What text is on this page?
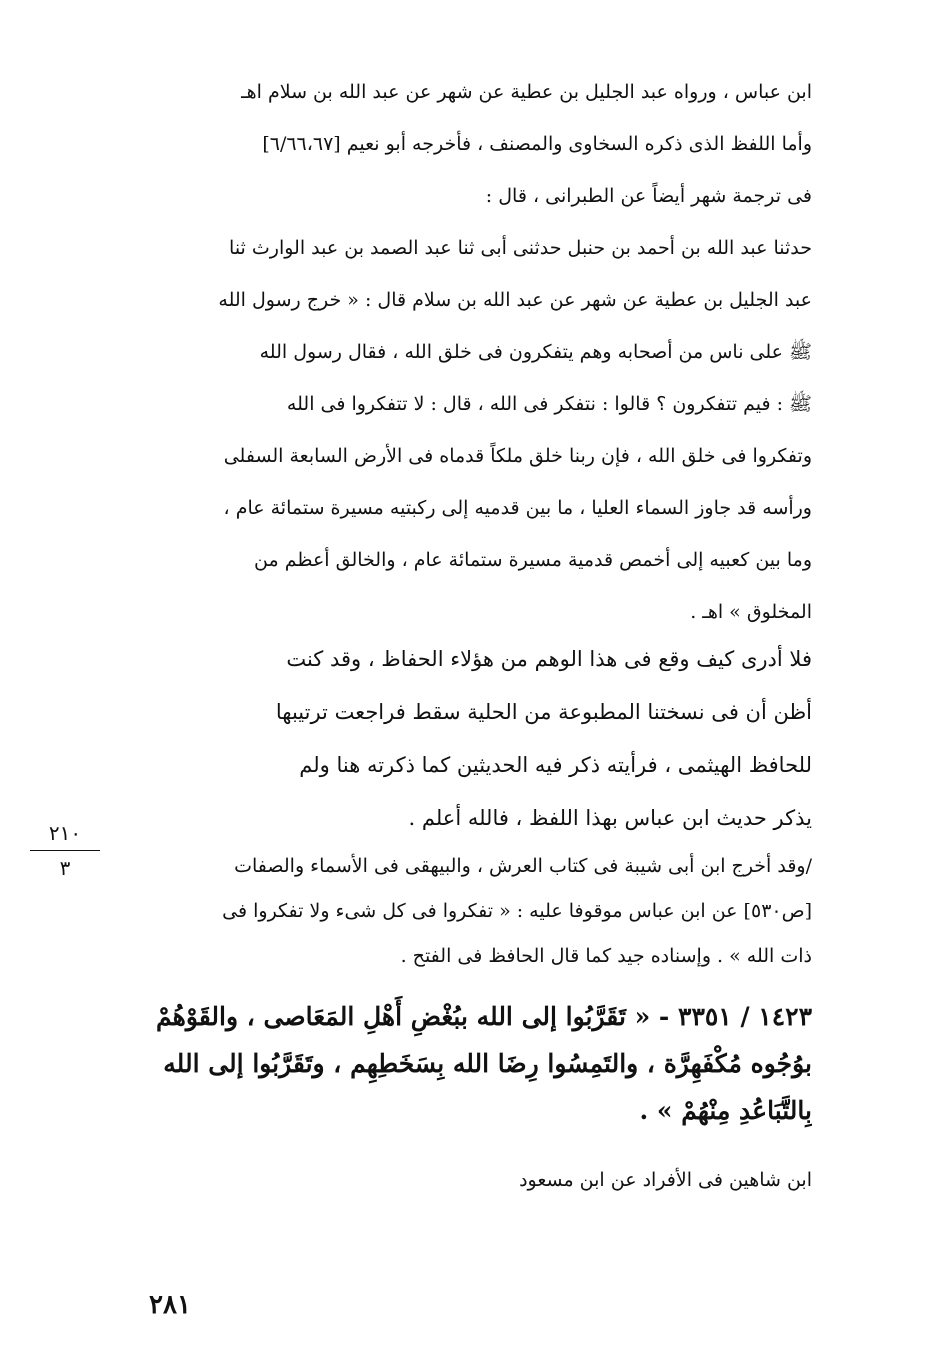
ابن عباس ، ورواه عبد الجليل بن عطية عن شهر عن عبد الله بن سلام اهـ
وأما اللفظ الذى ذكره السخاوى والمصنف ، فأخرجه أبو نعيم [٦/٦٦،٦٧]
فى ترجمة شهر أيضاً عن الطبرانى ، قال :
حدثنا عبد الله بن أحمد بن حنبل حدثنى أبى ثنا عبد الصمد بن عبد الوارث ثنا
عبد الجليل بن عطية عن شهر عن عبد الله بن سلام قال : « خرج رسول الله
ﷺ على ناس من أصحابه وهم يتفكرون فى خلق الله ، فقال رسول الله
ﷺ : فيم تتفكرون ؟ قالوا : نتفكر فى الله ، قال : لا تتفكروا فى الله
وتفكروا فى خلق الله ، فإن ربنا خلق ملكاً قدماه فى الأرض السابعة السفلى
ورأسه قد جاوز السماء العليا ، ما بين قدميه إلى ركبتيه مسيرة ستمائة عام ،
وما بين كعبيه إلى أخمص قدمية مسيرة ستمائة عام ، والخالق أعظم من
المخلوق » اهـ .
فلا أدرى كيف وقع فى هذا الوهم من هؤلاء الحفاظ ، وقد كنت
أظن أن فى نسختنا المطبوعة من الحلية سقط فراجعت ترتيبها
للحافظ الهيثمى ، فرأيته ذكر فيه الحديثين كما ذكرته هنا ولم
يذكر حديث ابن عباس بهذا اللفظ ، فالله أعلم .
٢١٠
٣	/وقد أخرج ابن أبى شيبة فى كتاب العرش ، والبيهقى فى الأسماء والصفات
[ص٥٣٠] عن ابن عباس موقوفا عليه : « تفكروا فى كل شىء ولا تفكروا فى
ذات الله » . وإسناده جيد كما قال الحافظ فى الفتح .
١٤٢٣ / ٣٣٥١ - « تَقَرَّبُوا إلى الله ببُغْضِ أَهْلِ المَعَاصى ، والقَوْهُمْ
بوُجُوه مُكْفَهِرَّة ، والتَمِسُوا رِضَا الله بِسَخَطِهِم ، وتَقَرَّبُوا إلى الله
بِالتَّبَاعُدِ مِنْهُمْ » .
ابن شاهين فى الأفراد عن ابن مسعود
٢٨١
